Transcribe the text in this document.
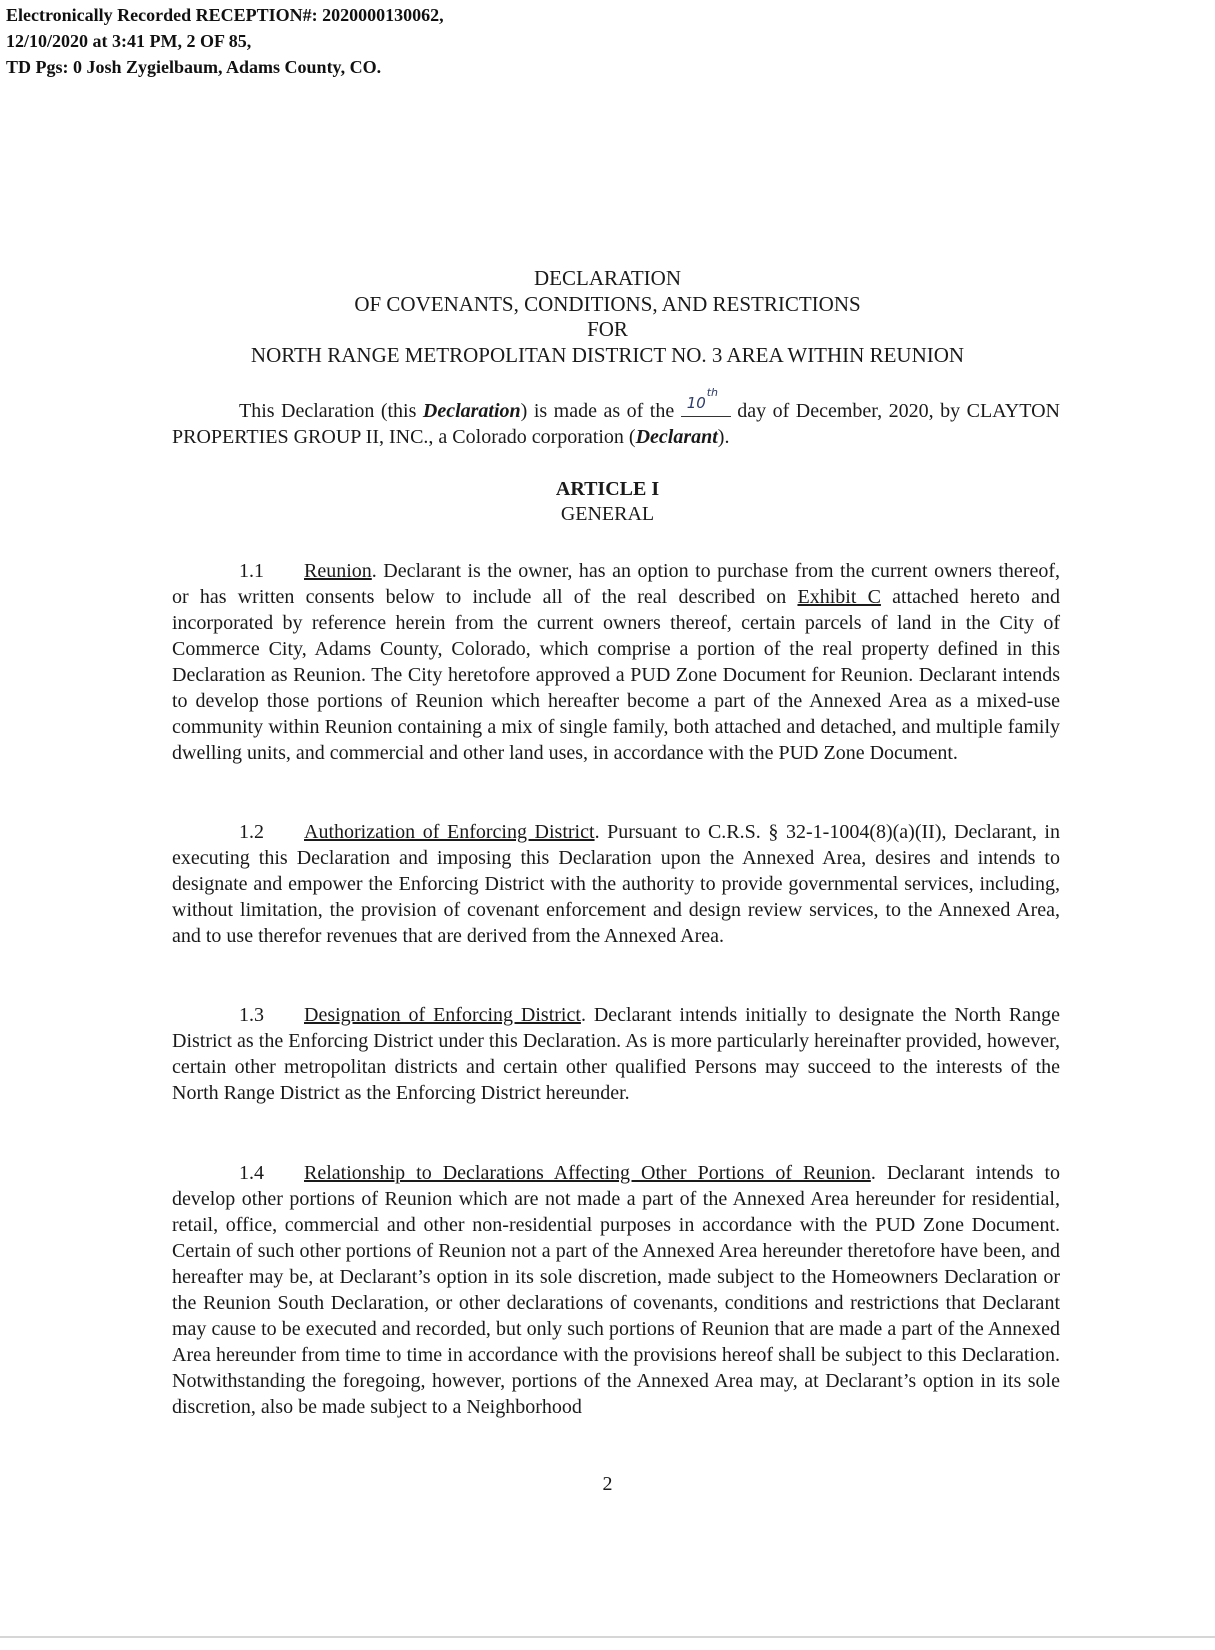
Electronically Recorded RECEPTION#: 2020000130062,
12/10/2020 at 3:41 PM, 2 OF 85,
TD Pgs: 0 Josh Zygielbaum, Adams County, CO.
DECLARATION
OF COVENANTS, CONDITIONS, AND RESTRICTIONS
FOR
NORTH RANGE METROPOLITAN DISTRICT NO. 3 AREA WITHIN REUNION
This Declaration (this Declaration) is made as of the 10
th
day of December, 2020, by CLAYTON PROPERTIES GROUP II, INC., a Colorado corporation (Declarant).
ARTICLE I
GENERAL
1.1 Reunion. Declarant is the owner, has an option to purchase from the current owners thereof, or has written consents below to include all of the real described on Exhibit C attached hereto and incorporated by reference herein from the current owners thereof, certain parcels of land in the City of Commerce City, Adams County, Colorado, which comprise a portion of the real property defined in this Declaration as Reunion. The City heretofore approved a PUD Zone Document for Reunion. Declarant intends to develop those portions of Reunion which hereafter become a part of the Annexed Area as a mixed-use community within Reunion containing a mix of single family, both attached and detached, and multiple family dwelling units, and commercial and other land uses, in accordance with the PUD Zone Document.
1.2 Authorization of Enforcing District. Pursuant to C.R.S. § 32-1-1004(8)(a)(II), Declarant, in executing this Declaration and imposing this Declaration upon the Annexed Area, desires and intends to designate and empower the Enforcing District with the authority to provide governmental services, including, without limitation, the provision of covenant enforcement and design review services, to the Annexed Area, and to use therefor revenues that are derived from the Annexed Area.
1.3 Designation of Enforcing District. Declarant intends initially to designate the North Range District as the Enforcing District under this Declaration. As is more particularly hereinafter provided, however, certain other metropolitan districts and certain other qualified Persons may succeed to the interests of the North Range District as the Enforcing District hereunder.
1.4 Relationship to Declarations Affecting Other Portions of Reunion. Declarant intends to develop other portions of Reunion which are not made a part of the Annexed Area hereunder for residential, retail, office, commercial and other non-residential purposes in accordance with the PUD Zone Document. Certain of such other portions of Reunion not a part of the Annexed Area hereunder theretofore have been, and hereafter may be, at Declarant’s option in its sole discretion, made subject to the Homeowners Declaration or the Reunion South Declaration, or other declarations of covenants, conditions and restrictions that Declarant may cause to be executed and recorded, but only such portions of Reunion that are made a part of the Annexed Area hereunder from time to time in accordance with the provisions hereof shall be subject to this Declaration. Notwithstanding the foregoing, however, portions of the Annexed Area may, at Declarant’s option in its sole discretion, also be made subject to a Neighborhood
2
